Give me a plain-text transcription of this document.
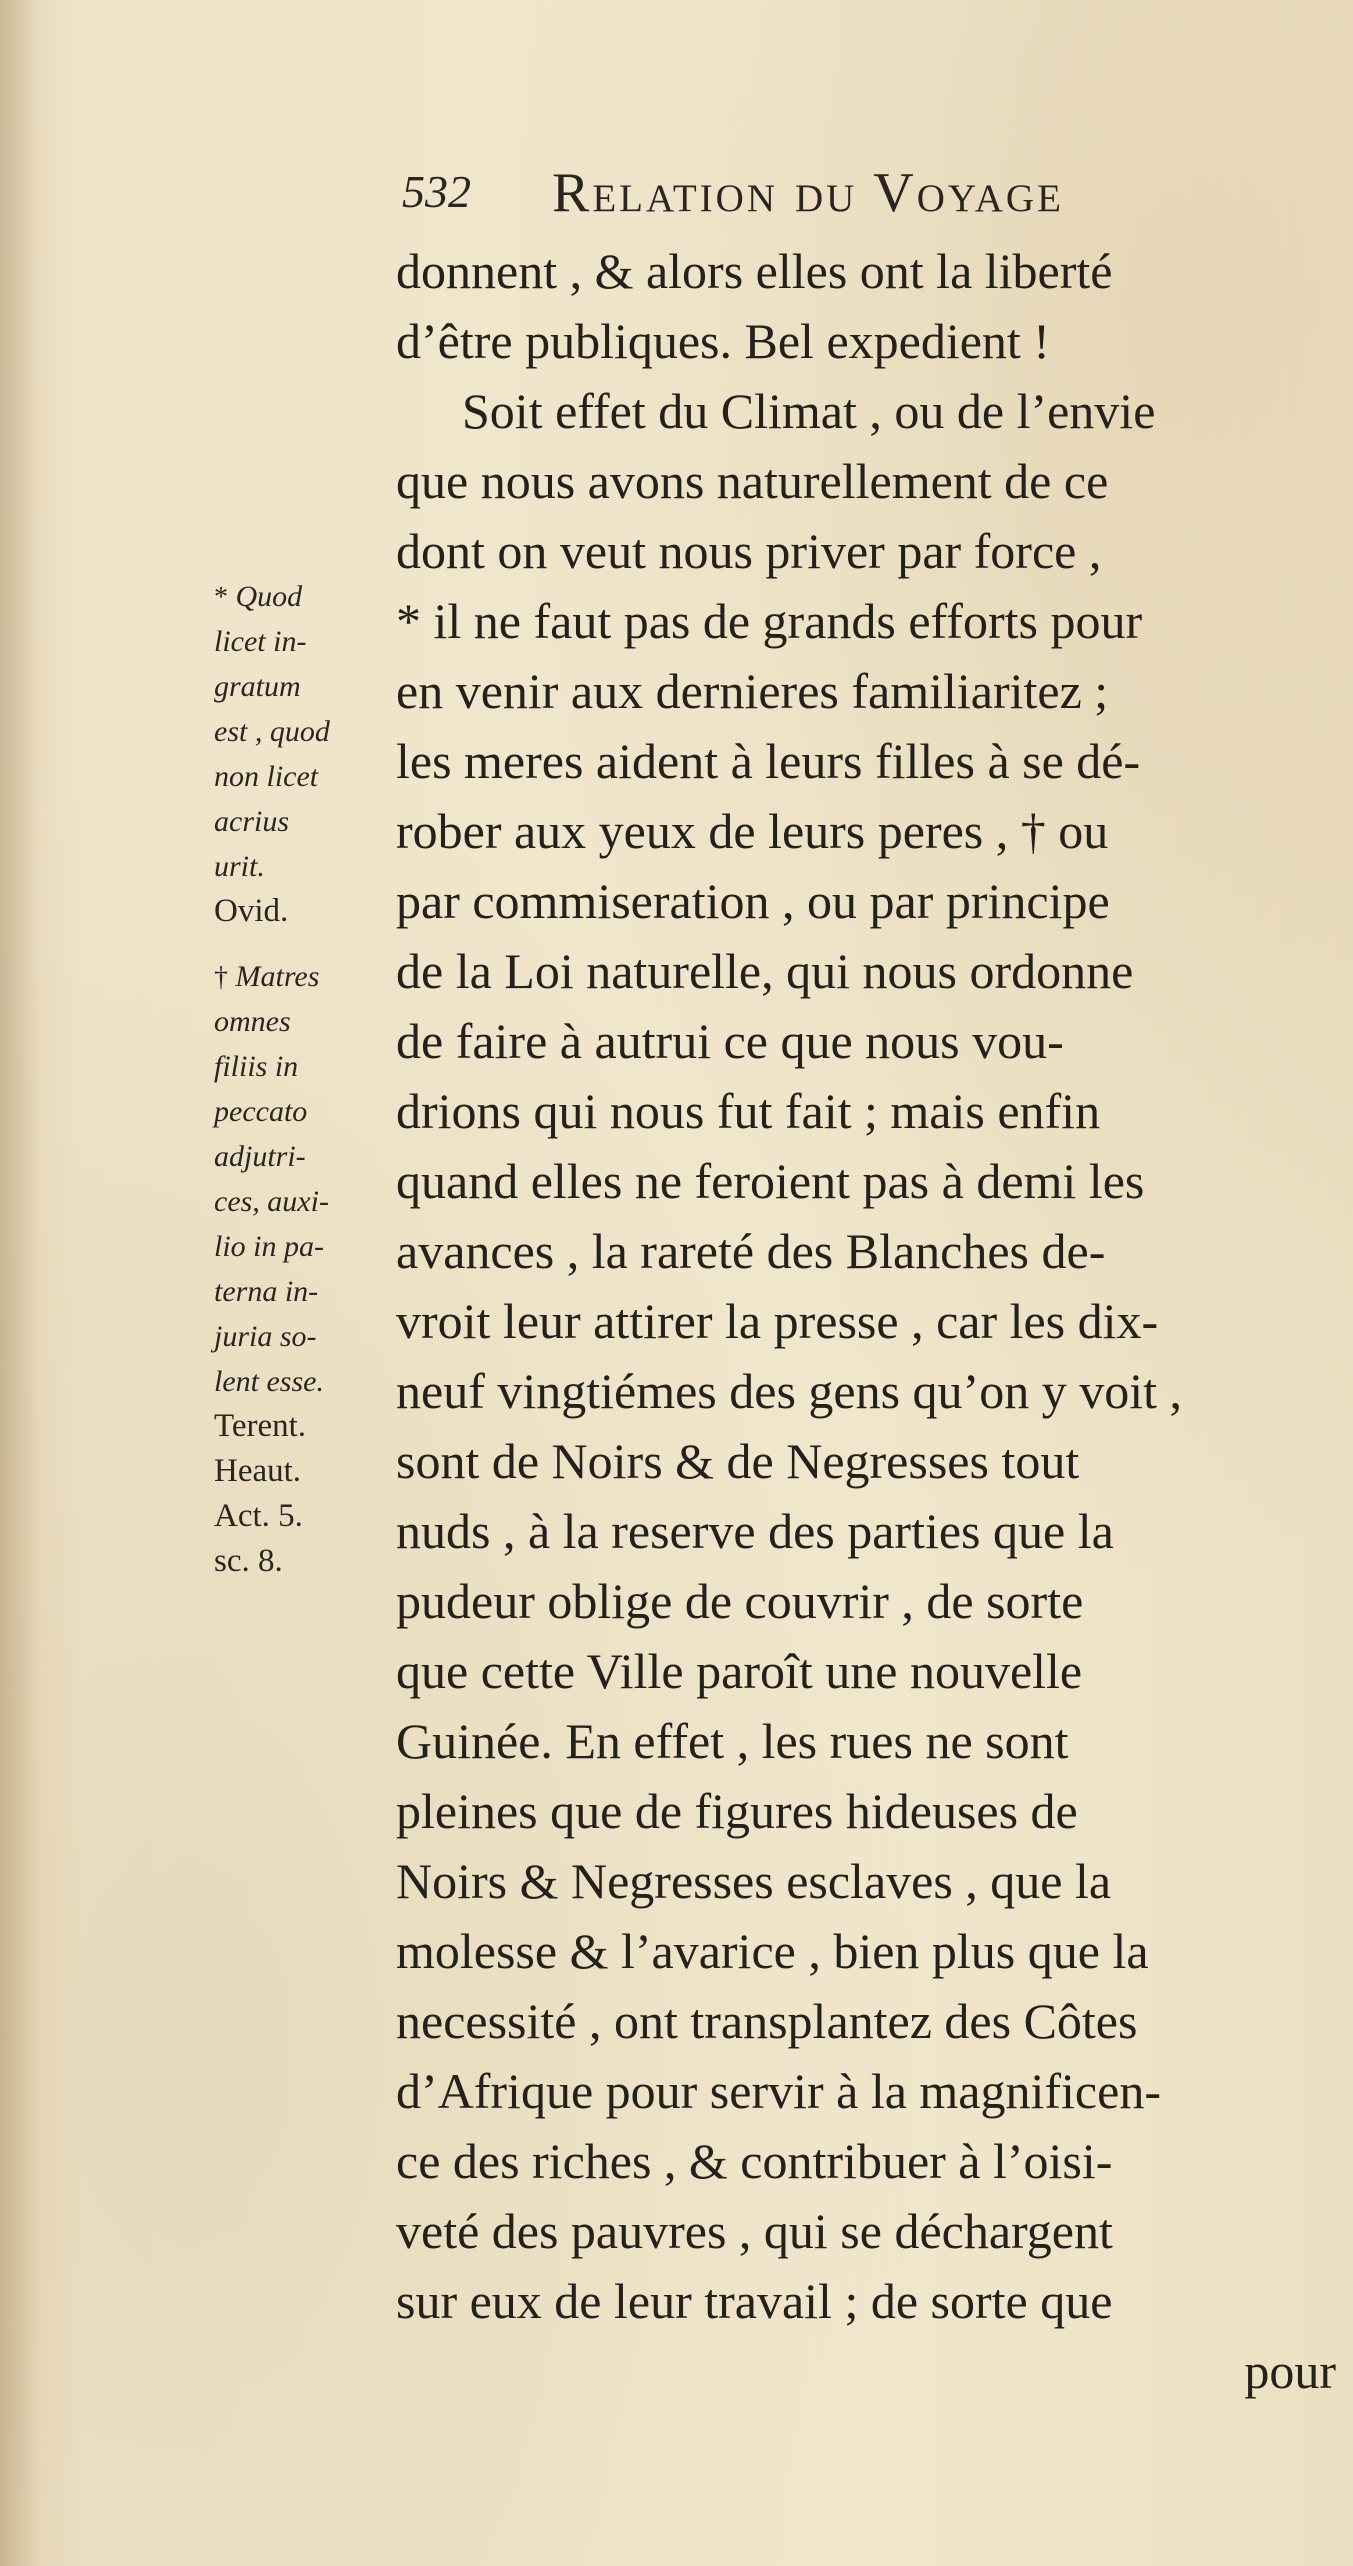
532 Relation du Voyage
donnent , & alors elles ont la liberté
d’être publiques. Bel expedient !
Soit effet du Climat , ou de l’envie
que nous avons naturellement de ce
dont on veut nous priver par force ,
* il ne faut pas de grands efforts pour
en venir aux dernieres familiaritez ;
les meres aident à leurs filles à se dé-
rober aux yeux de leurs peres , † ou
par commiseration , ou par principe
de la Loi naturelle, qui nous ordonne
de faire à autrui ce que nous vou-
drions qui nous fut fait ; mais enfin
quand elles ne feroient pas à demi les
avances , la rareté des Blanches de-
vroit leur attirer la presse , car les dix-
neuf vingtiémes des gens qu’on y voit ,
sont de Noirs & de Negresses tout
nuds , à la reserve des parties que la
pudeur oblige de couvrir , de sorte
que cette Ville paroît une nouvelle
Guinée. En effet , les rues ne sont
pleines que de figures hideuses de
Noirs & Negresses esclaves , que la
molesse & l’avarice , bien plus que la
necessité , ont transplantez des Côtes
d’Afrique pour servir à la magnificen-
ce des riches , & contribuer à l’oisi-
veté des pauvres , qui se déchargent
sur eux de leur travail ; de sorte que
pour
* Quod
licet in-
gratum
est , quod
non licet
acrius
urit.
Ovid.
† Matres
omnes
filiis in
peccato
adjutri-
ces, auxi-
lio in pa-
terna in-
juria so-
lent esse.
Terent.
Heaut.
Act. 5.
sc. 8.
